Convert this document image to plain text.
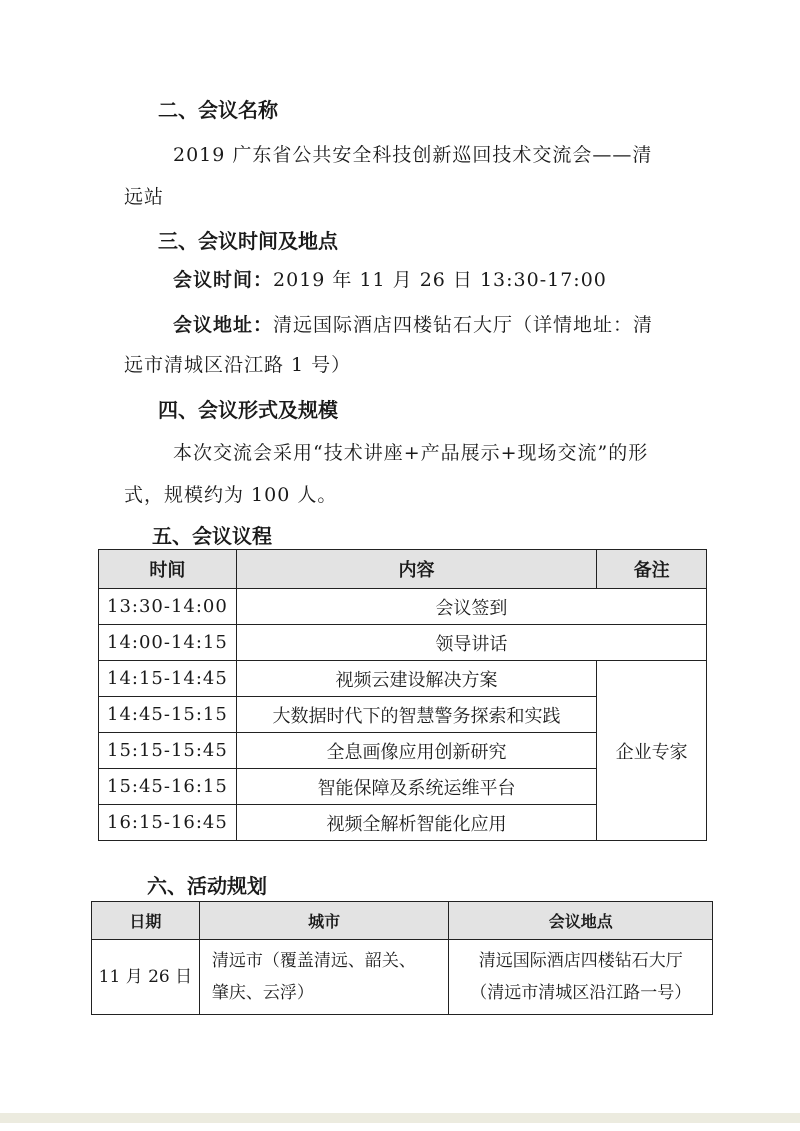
二、会议名称
2019 广东省公共安全科技创新巡回技术交流会——清
远站
三、会议时间及地点
会议时间：2019 年 11 月 26 日 13:30-17:00
会议地址：清远国际酒店四楼钻石大厅（详情地址：清
远市清城区沿江路 1 号）
四、会议形式及规模
本次交流会采用“技术讲座+产品展示+现场交流”的形
式，规模约为 100 人。
五、会议议程
时间	内容	备注
13:30-14:00	会议签到	
14:00-14:15	领导讲话	
14:15-14:45	视频云建设解决方案	企业专家
14:45-15:15	大数据时代下的智慧警务探索和实践	
15:15-15:45	全息画像应用创新研究	
15:45-16:15	智能保障及系统运维平台	
16:15-16:45	视频全解析智能化应用	
六、活动规划
日期	城市	会议地点
11 月 26 日	清远市（覆盖清远、韶关、
肇庆、云浮）	清远国际酒店四楼钻石大厅
（清远市清城区沿江路一号）
